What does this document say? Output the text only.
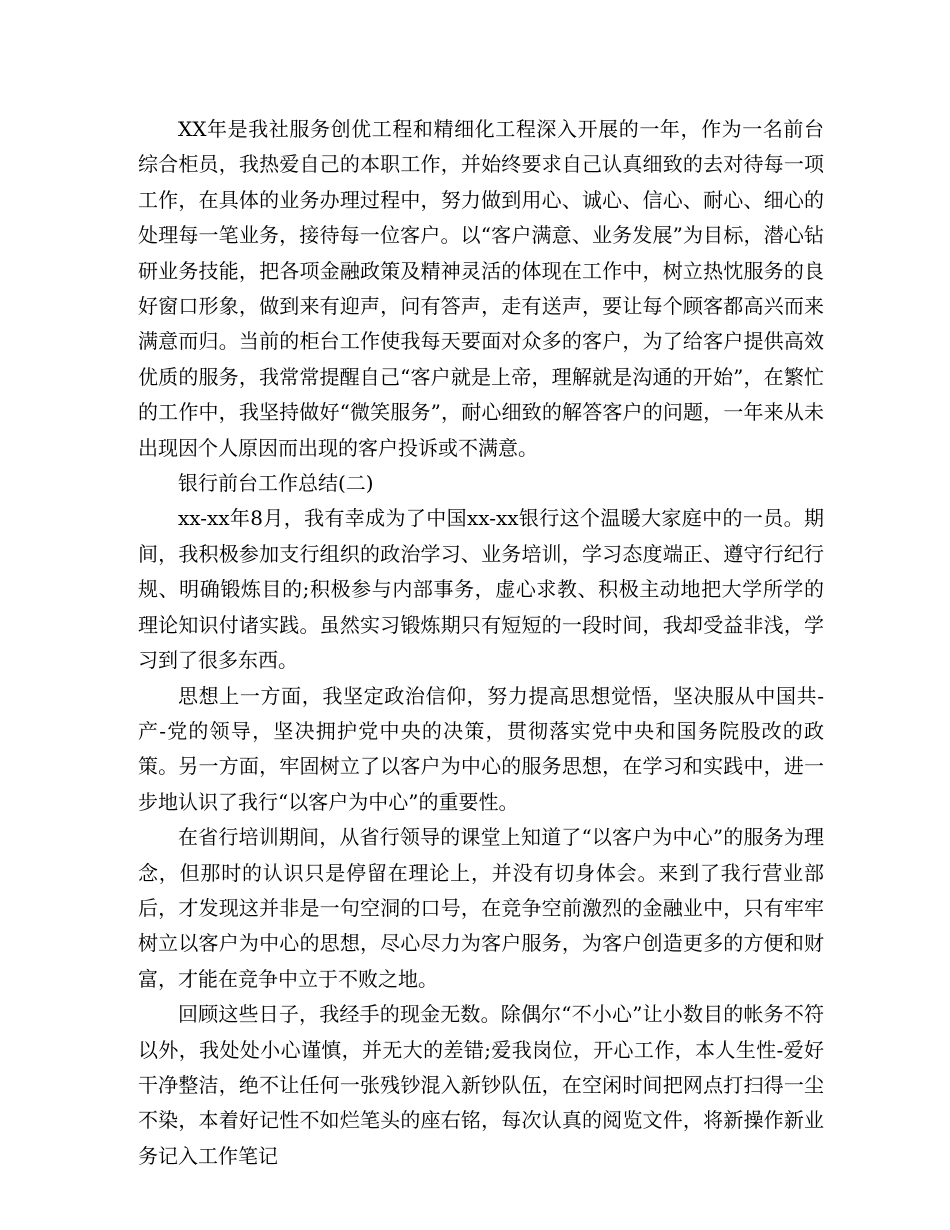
XX年是我社服务创优工程和精细化工程深入开展的一年，作为一名前台综合柜员，我热爱自己的本职工作，并始终要求自己认真细致的去对待每一项工作，在具体的业务办理过程中，努力做到用心、诚心、信心、耐心、细心的处理每一笔业务，接待每一位客户。以“客户满意、业务发展”为目标，潜心钻研业务技能，把各项金融政策及精神灵活的体现在工作中，树立热忱服务的良好窗口形象，做到来有迎声，问有答声，走有送声，要让每个顾客都高兴而来满意而归。当前的柜台工作使我每天要面对众多的客户，为了给客户提供高效优质的服务，我常常提醒自己“客户就是上帝，理解就是沟通的开始”，在繁忙的工作中，我坚持做好“微笑服务”，耐心细致的解答客户的问题，一年来从未出现因个人原因而出现的客户投诉或不满意。

银行前台工作总结(二)

xx-xx年8月，我有幸成为了中国xx-xx银行这个温暖大家庭中的一员。期间，我积极参加支行组织的政治学习、业务培训，学习态度端正、遵守行纪行规、明确锻炼目的;积极参与内部事务，虚心求教、积极主动地把大学所学的理论知识付诸实践。虽然实习锻炼期只有短短的一段时间，我却受益非浅，学习到了很多东西。

思想上一方面，我坚定政治信仰，努力提高思想觉悟，坚决服从中国共-产-党的领导，坚决拥护党中央的决策，贯彻落实党中央和国务院股改的政策。另一方面，牢固树立了以客户为中心的服务思想，在学习和实践中，进一步地认识了我行“以客户为中心”的重要性。

在省行培训期间，从省行领导的课堂上知道了“以客户为中心”的服务为理念，但那时的认识只是停留在理论上，并没有切身体会。来到了我行营业部后，才发现这并非是一句空洞的口号，在竞争空前激烈的金融业中，只有牢牢树立以客户为中心的思想，尽心尽力为客户服务，为客户创造更多的方便和财富，才能在竞争中立于不败之地。

回顾这些日子，我经手的现金无数。除偶尔“不小心”让小数目的帐务不符以外，我处处小心谨慎，并无大的差错;爱我岗位，开心工作，本人生性-爱好干净整洁，绝不让任何一张残钞混入新钞队伍，在空闲时间把网点打扫得一尘不染，本着好记性不如烂笔头的座右铭，每次认真的阅览文件，将新操作新业务记入工作笔记
